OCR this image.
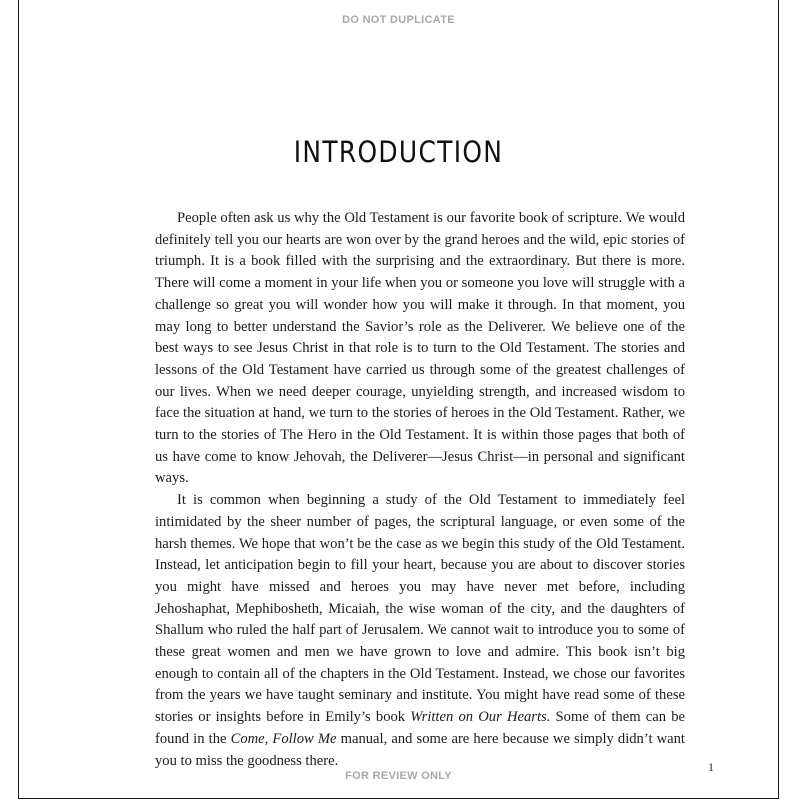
DO NOT DUPLICATE
INTRODUCTION

People often ask us why the Old Testament is our favorite book of scripture. We would definitely tell you our hearts are won over by the grand heroes and the wild, epic stories of triumph. It is a book filled with the surprising and the extraordinary. But there is more. There will come a moment in your life when you or someone you love will struggle with a challenge so great you will wonder how you will make it through. In that moment, you may long to better understand the Savior’s role as the Deliverer. We believe one of the best ways to see Jesus Christ in that role is to turn to the Old Testament. The stories and lessons of the Old Testament have carried us through some of the greatest challenges of our lives. When we need deeper courage, unyielding strength, and increased wisdom to face the situation at hand, we turn to the stories of heroes in the Old Testament. Rather, we turn to the stories of The Hero in the Old Testament. It is within those pages that both of us have come to know Jehovah, the Deliverer—Jesus Christ—in personal and significant ways.

It is common when beginning a study of the Old Testament to immediately feel intimidated by the sheer number of pages, the scriptural language, or even some of the harsh themes. We hope that won’t be the case as we begin this study of the Old Testament. Instead, let anticipation begin to fill your heart, because you are about to discover stories you might have missed and heroes you may have never met before, including Jehoshaphat, Mephibosheth, Micaiah, the wise woman of the city, and the daughters of Shallum who ruled the half part of Jerusalem. We cannot wait to introduce you to some of these great women and men we have grown to love and admire. This book isn’t big enough to contain all of the chapters in the Old Testament. Instead, we chose our favorites from the years we have taught seminary and institute. You might have read some of these stories or insights before in Emily’s book Written on Our Hearts. Some of them can be found in the Come, Follow Me manual, and some are here because we simply didn’t want you to miss the goodness there.	1
FOR REVIEW ONLY
